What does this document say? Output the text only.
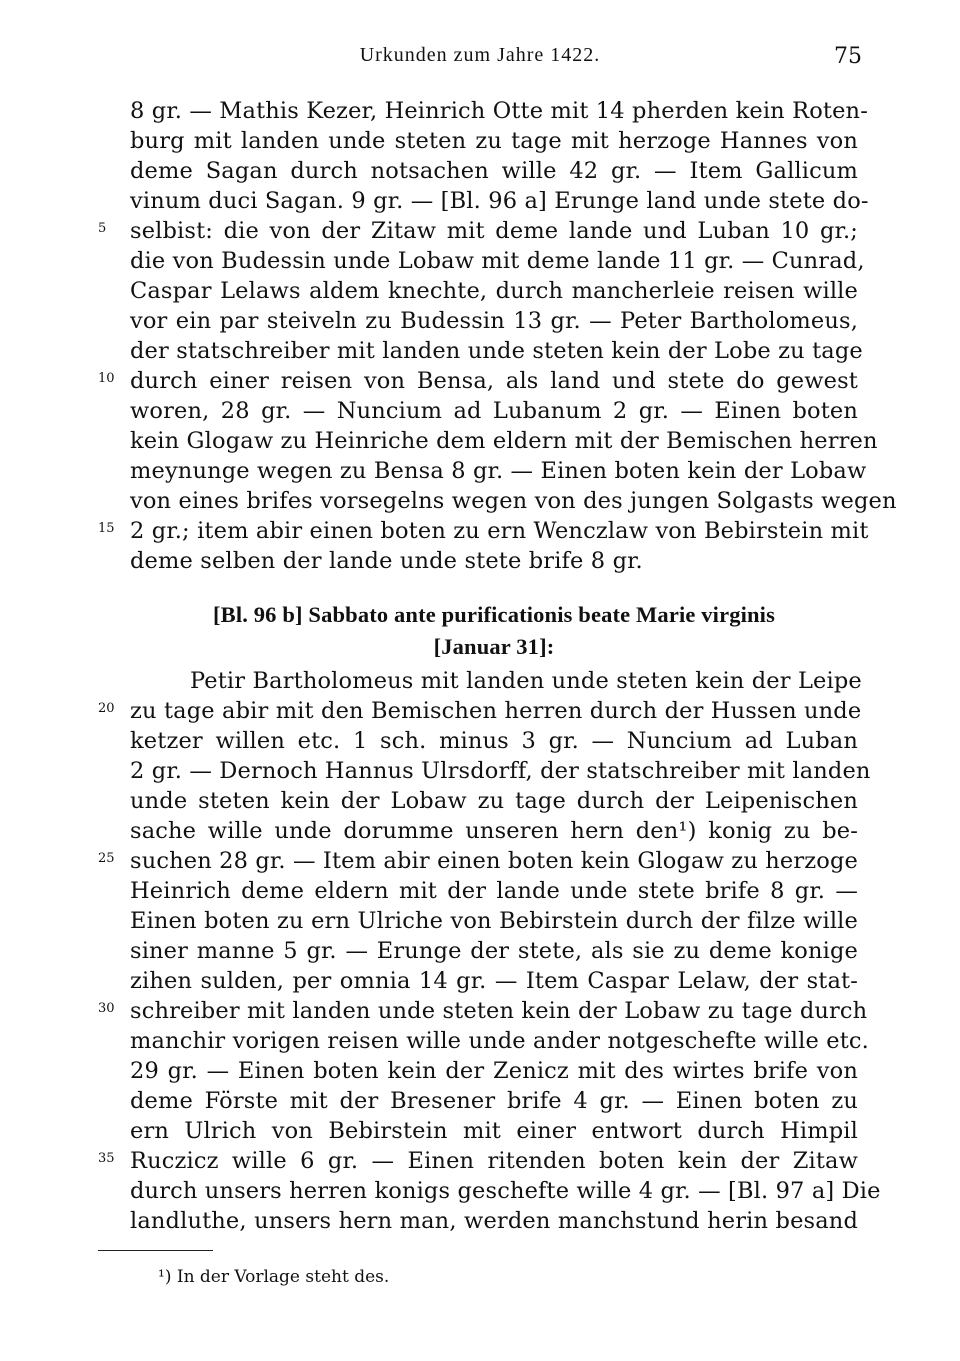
Urkunden zum Jahre 1422.	75
8 gr. — Mathis Kezer, Heinrich Otte mit 14 pherden kein Roten-
burg mit landen unde steten zu tage mit herzoge Hannes von
deme Sagan durch notsachen wille 42 gr. — Item Gallicum
vinum duci Sagan. 9 gr. — [Bl. 96 a] Erunge land unde stete do-
selbist: die von der Zitaw mit deme lande und Luban 10 gr.;
die von Budessin unde Lobaw mit deme lande 11 gr. — Cunrad,
Caspar Lelaws aldem knechte, durch mancherleie reisen wille
vor ein par steiveln zu Budessin 13 gr. — Peter Bartholomeus,
der statschreiber mit landen unde steten kein der Lobe zu tage
durch einer reisen von Bensa, als land und stete do gewest
woren, 28 gr. — Nuncium ad Lubanum 2 gr. — Einen boten
kein Glogaw zu Heinriche dem eldern mit der Bemischen herren
meynunge wegen zu Bensa 8 gr. — Einen boten kein der Lobaw
von eines brifes vorsegelns wegen von des jungen Solgasts wegen
2 gr.; item abir einen boten zu ern Wenczlaw von Bebirstein mit
deme selben der lande unde stete brife 8 gr.
[Bl. 96 b] Sabbato ante purificationis beate Marie virginis
[Januar 31]:
Petir Bartholomeus mit landen unde steten kein der Leipe
zu tage abir mit den Bemischen herren durch der Hussen unde
ketzer willen etc. 1 sch. minus 3 gr. — Nuncium ad Luban
2 gr. — Dernoch Hannus Ulrsdorff, der statschreiber mit landen
unde steten kein der Lobaw zu tage durch der Leipenischen
sache wille unde dorumme unseren hern den¹) konig zu be-
suchen 28 gr. — Item abir einen boten kein Glogaw zu herzoge
Heinrich deme eldern mit der lande unde stete brife 8 gr. —
Einen boten zu ern Ulriche von Bebirstein durch der filze wille
siner manne 5 gr. — Erunge der stete, als sie zu deme konige
zihen sulden, per omnia 14 gr. — Item Caspar Lelaw, der stat-
schreiber mit landen unde steten kein der Lobaw zu tage durch
manchir vorigen reisen wille unde ander notgescheftе wille etc.
29 gr. — Einen boten kein der Zenicz mit des wirtes brife von
deme Förste mit der Bresener brife 4 gr. — Einen boten zu
ern Ulrich von Bebirstein mit einer entwort durch Himpil
Ruczicz wille 6 gr. — Einen ritenden boten kein der Zitaw
durch unsers herren konigs gescheftе wille 4 gr. — [Bl. 97 a] Die
landluthe, unsers hern man, werden manchstund herin besand
5
10
15
20
25
30
35
¹) In der Vorlage steht des.
